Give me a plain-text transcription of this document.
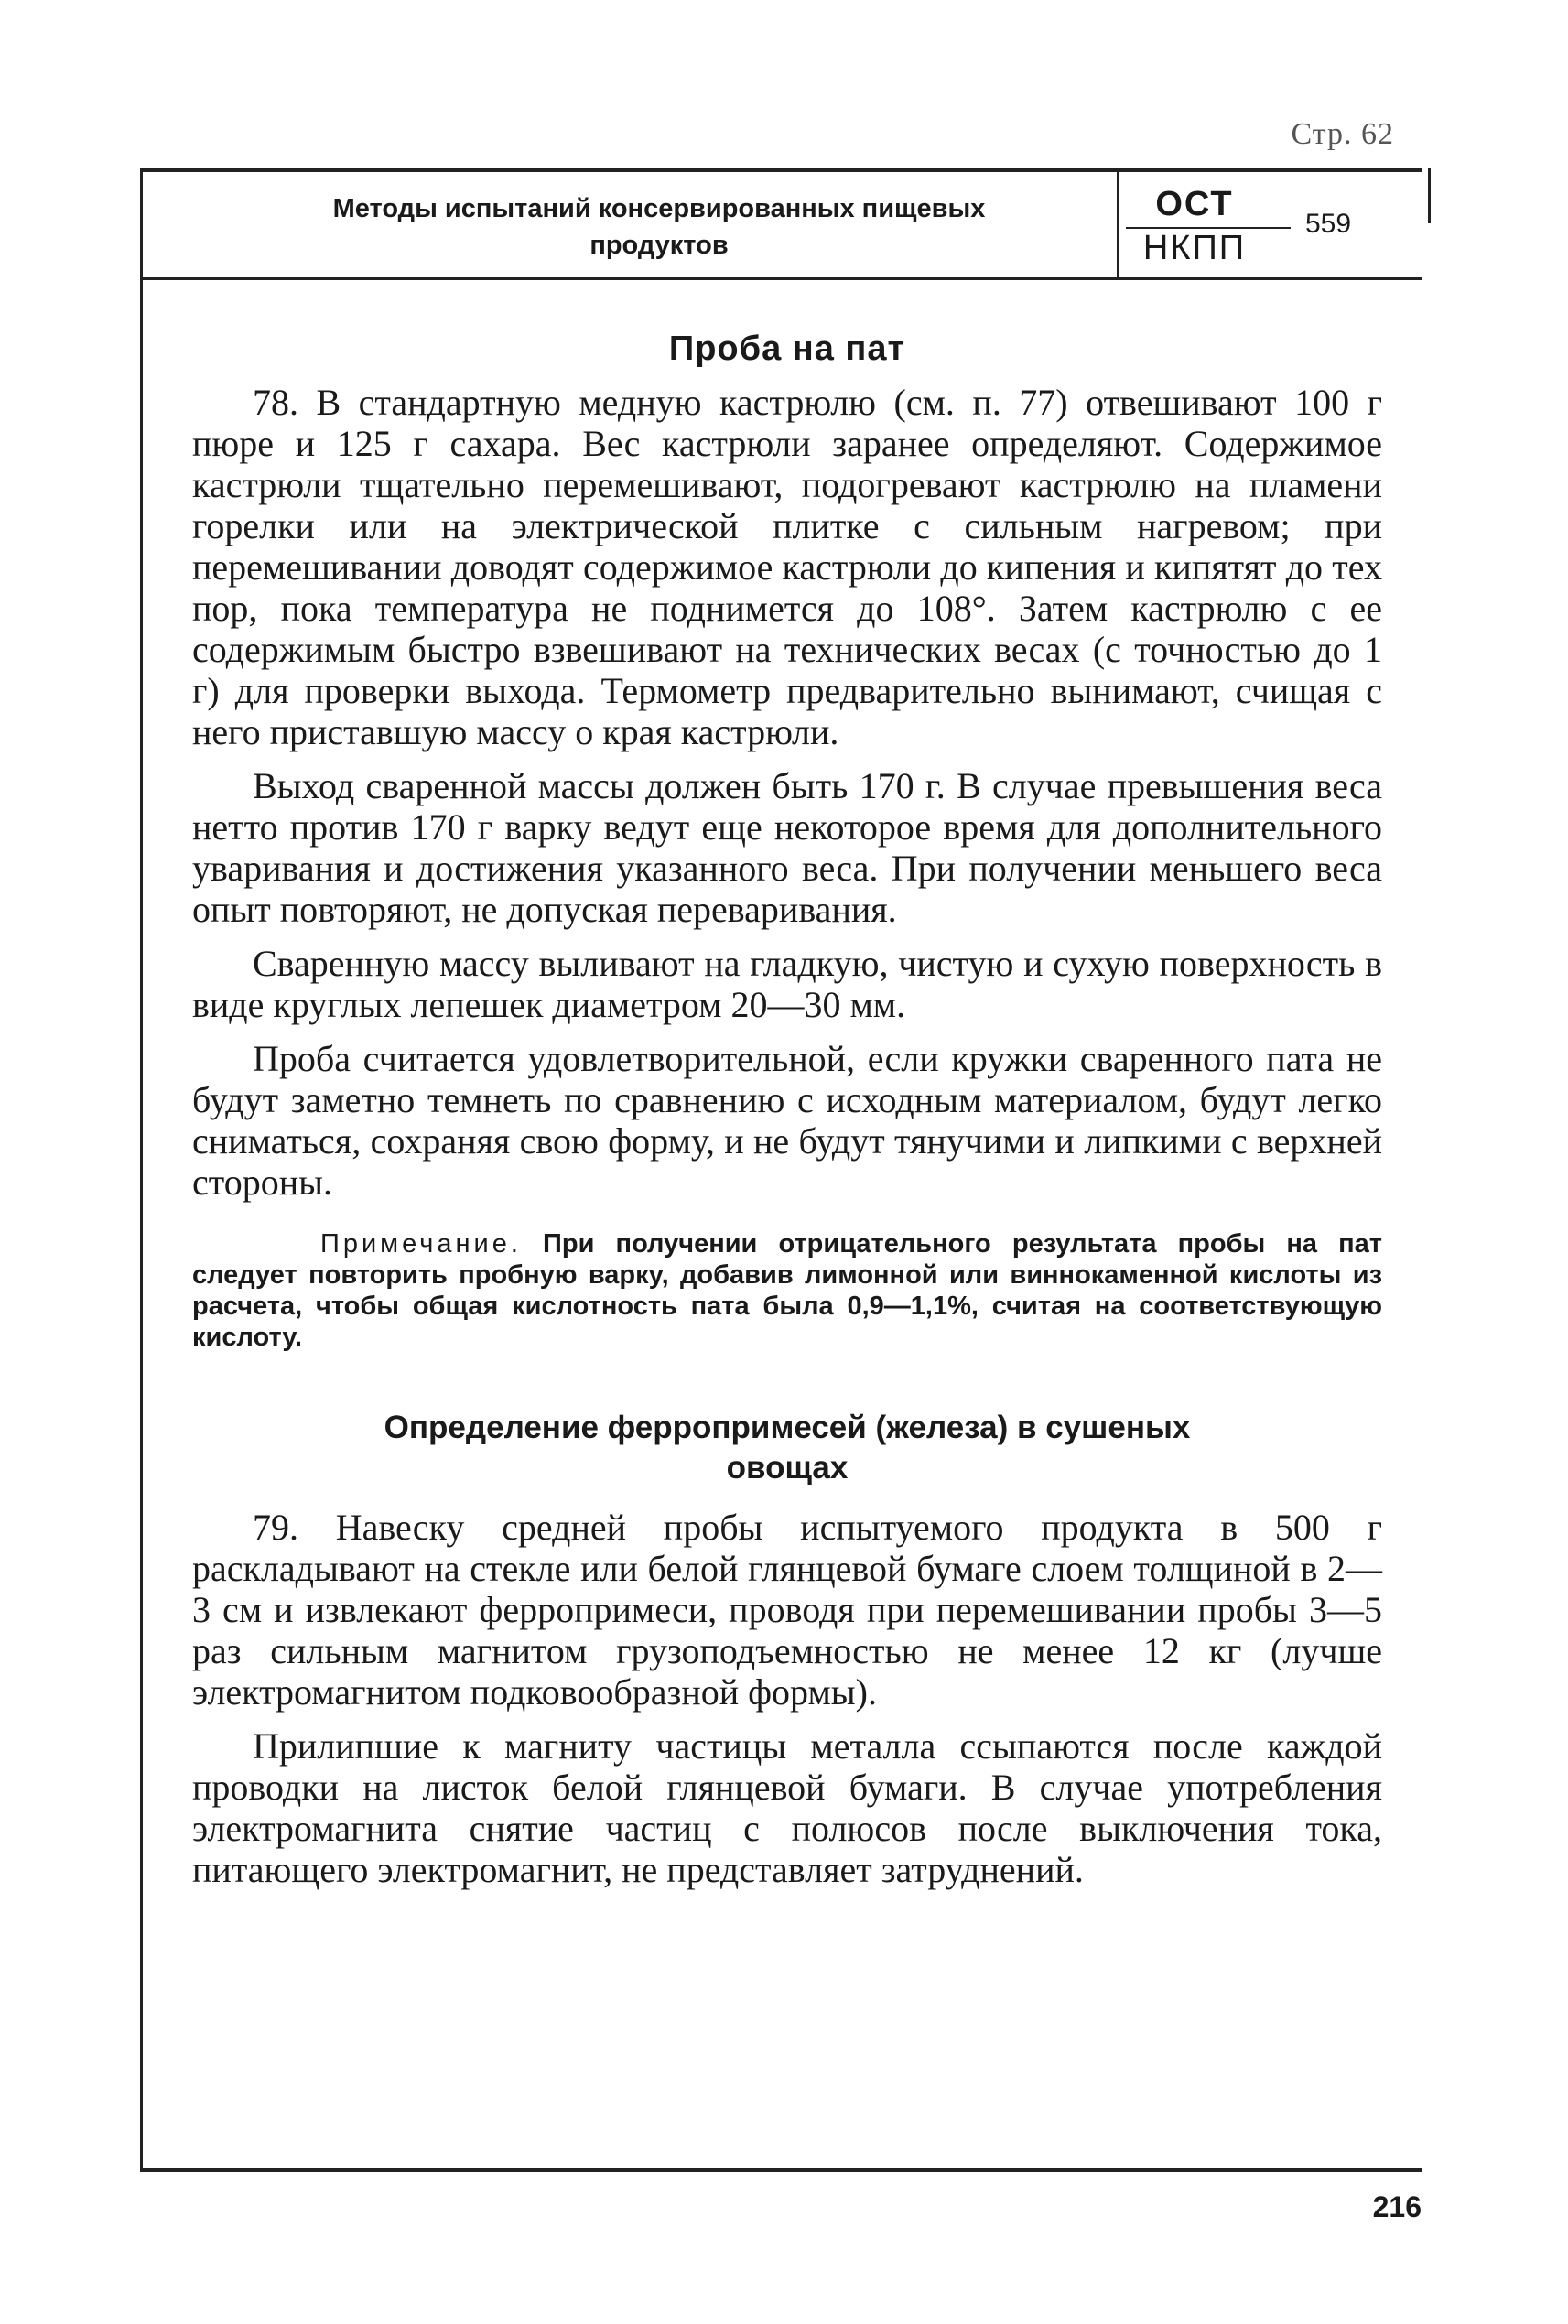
Стр. 62
Методы испытаний консервированных пищевых
продуктов
ОСТ
НКПП
559
Проба на пат

78. В стандартную медную кастрюлю (см. п. 77) отвешивают 100 г пюре и 125 г сахара. Вес кастрюли заранее определяют. Содержимое кастрюли тщательно перемешивают, подогревают кастрюлю на пламени горелки или на электрической плитке с сильным нагревом; при перемешивании доводят содержимое кастрюли до кипения и кипятят до тех пор, пока температура не поднимется до 108°. Затем кастрюлю с ее содержимым быстро взвешивают на технических весах (с точностью до 1 г) для проверки выхода. Термометр предварительно вынимают, счищая с него приставшую массу о края кастрюли.

Выход сваренной массы должен быть 170 г. В случае превышения веса нетто против 170 г варку ведут еще некоторое время для дополнительного уваривания и достижения указанного веса. При получении меньшего веса опыт повторяют, не допуская переваривания.

Сваренную массу выливают на гладкую, чистую и сухую поверхность в виде круглых лепешек диаметром 20—30 мм.

Проба считается удовлетворительной, если кружки сваренного пата не будут заметно темнеть по сравнению с исходным материалом, будут легко сниматься, сохраняя свою форму, и не будут тянучими и липкими с верхней стороны.

Примечание. При получении отрицательного результата пробы на пат следует повторить пробную варку, добавив лимонной или виннокаменной кислоты из расчета, чтобы общая кислотность пата была 0,9—1,1%, считая на соответствующую кислоту.

Определение ферропримесей (железа) в сушеных овощах

79. Навеску средней пробы испытуемого продукта в 500 г раскладывают на стекле или белой глянцевой бумаге слоем толщиной в 2—3 см и извлекают ферропримеси, проводя при перемешивании пробы 3—5 раз сильным магнитом грузоподъемностью не менее 12 кг (лучше электромагнитом подковообразной формы).

Прилипшие к магниту частицы металла ссыпаются после каждой проводки на листок белой глянцевой бумаги. В случае употребления электромагнита снятие частиц с полюсов после выключения тока, питающего электромагнит, не представляет затруднений.

216
